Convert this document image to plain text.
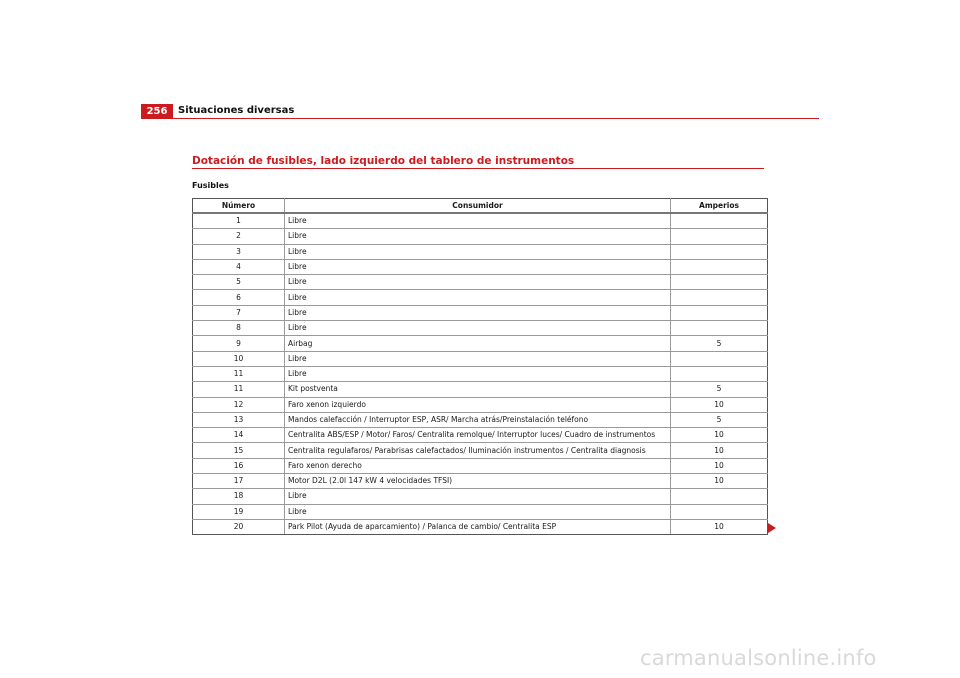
256	Situaciones diversas
Dotación de fusibles, lado izquierdo del tablero de instrumentos
Fusibles
Número	Consumidor	Amperios
1	Libre	
2	Libre	
3	Libre	
4	Libre	
5	Libre	
6	Libre	
7	Libre	
8	Libre	
9	Airbag	5
10	Libre	
11	Libre	
11	Kit postventa	5
12	Faro xenon izquierdo	10
13	Mandos calefacción / Interruptor ESP, ASR/ Marcha atrás/Preinstalación teléfono	5
14	Centralita ABS/ESP / Motor/ Faros/ Centralita remolque/ Interruptor luces/ Cuadro de instrumentos	10
15	Centralita regulafaros/ Parabrisas calefactados/ Iluminación instrumentos / Centralita diagnosis	10
16	Faro xenon derecho	10
17	Motor D2L (2.0l 147 kW 4 velocidades TFSI)	10
18	Libre	
19	Libre	
20	Park Pilot (Ayuda de aparcamiento) / Palanca de cambio/ Centralita ESP	10
carmanualsonline.info
